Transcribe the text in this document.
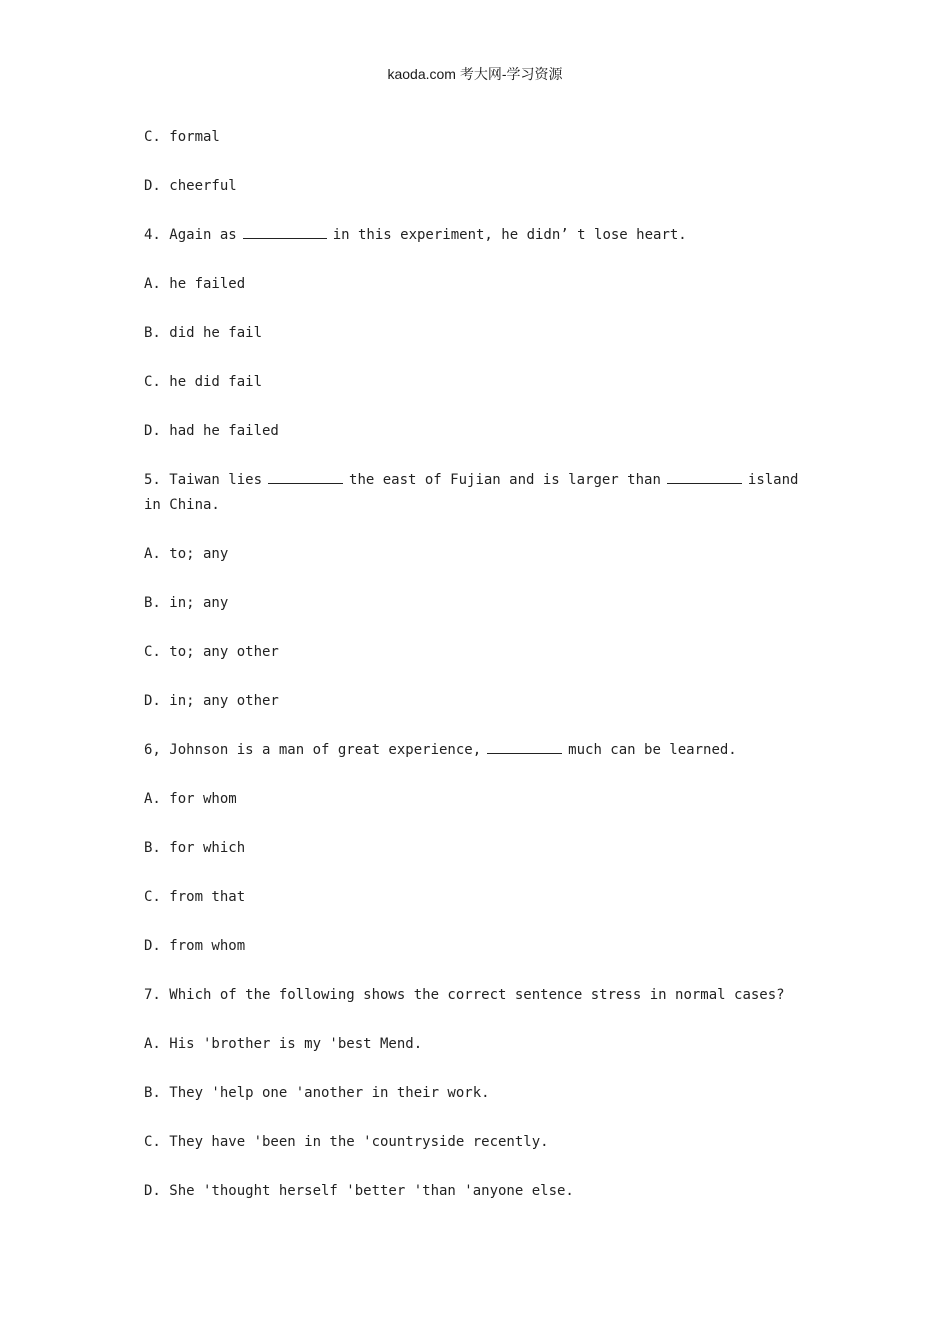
kaoda.com 考大网-学习资源
C. formal
D. cheerful
4. Again as	in this experiment, he didn’ t lose heart.
A. he failed
B. did he fail
C. he did fail
D. had he failed
5. Taiwan lies	the east of Fujian and is larger than	island in China.
A. to; any
B. in; any
C. to; any other
D. in; any other
6, Johnson is a man of great experience,	much can be learned.
A. for whom
B. for which
C. from that
D. from whom
7. Which of the following shows the correct sentence stress in normal cases?
A. His 'brother is my 'best Mend.
B. They 'help one 'another in their work.
C. They have 'been in the 'countryside recently.
D. She 'thought herself 'better 'than 'anyone else.
